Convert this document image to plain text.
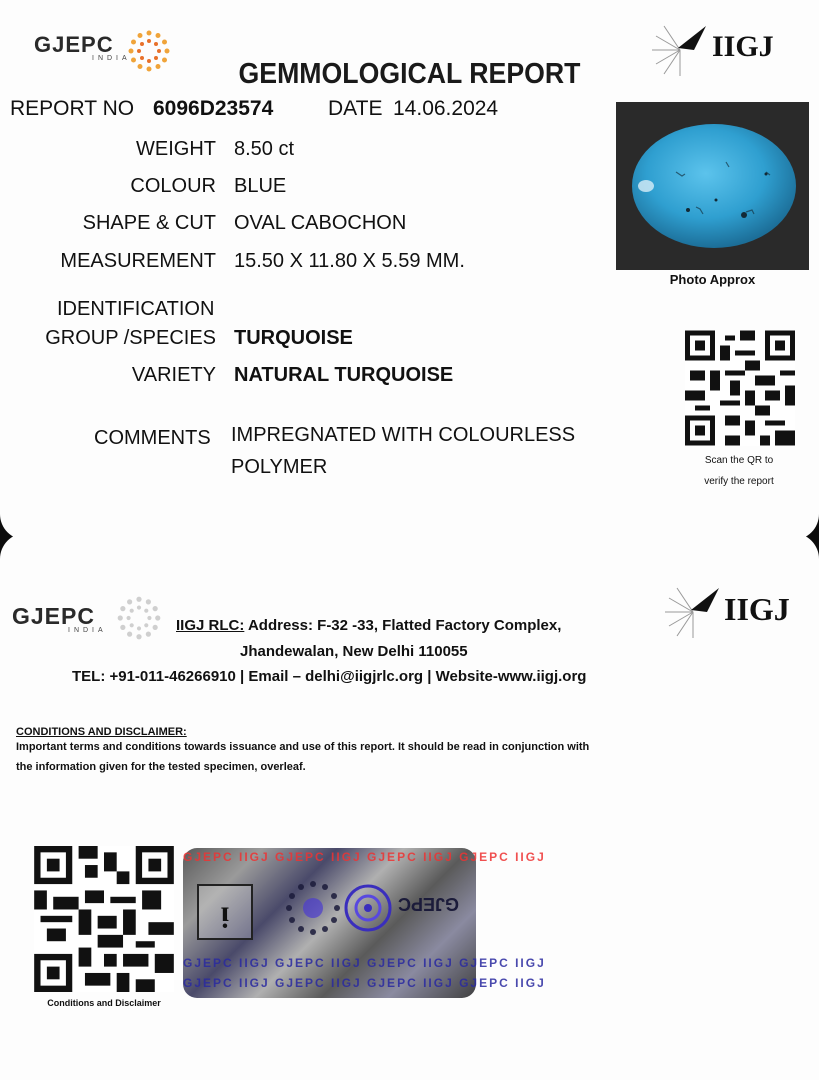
GJEPC
INDIA	IIGJ
GEMMOLOGICAL REPORT
REPORT NO 6096D23574	DATE 14.06.2024
WEIGHT 8.50 ct
COLOUR BLUE
SHAPE & CUT OVAL CABOCHON
MEASUREMENT 15.50 X 11.80 X 5.59 MM.
IDENTIFICATION
GROUP /SPECIES TURQUOISE
VARIETY NATURAL TURQUOISE
COMMENTS IMPREGNATED WITH COLOURLESS
POLYMER
Photo Approx
Scan the QR to
verify the report
GJEPC
INDIA
IIGJ
IIGJ RLC: Address: F-32 -33, Flatted Factory Complex,
Jhandewalan, New Delhi 110055
TEL: +91-011-46266910 | Email – delhi@iigjrlc.org | Website-www.iigj.org
CONDITIONS AND DISCLAIMER:
Important terms and conditions towards issuance and use of this report. It should be read in conjunction with
the information given for the tested specimen, overleaf.
Conditions and Disclaimer
GJEPC IIGJ GJEPC IIGJ GJEPC IIGJ GJEPC IIGJ
ᴉ	GJEPC
GJEPC IIGJ GJEPC IIGJ GJEPC IIGJ GJEPC IIGJ
GJEPC IIGJ GJEPC IIGJ GJEPC IIGJ GJEPC IIGJ
